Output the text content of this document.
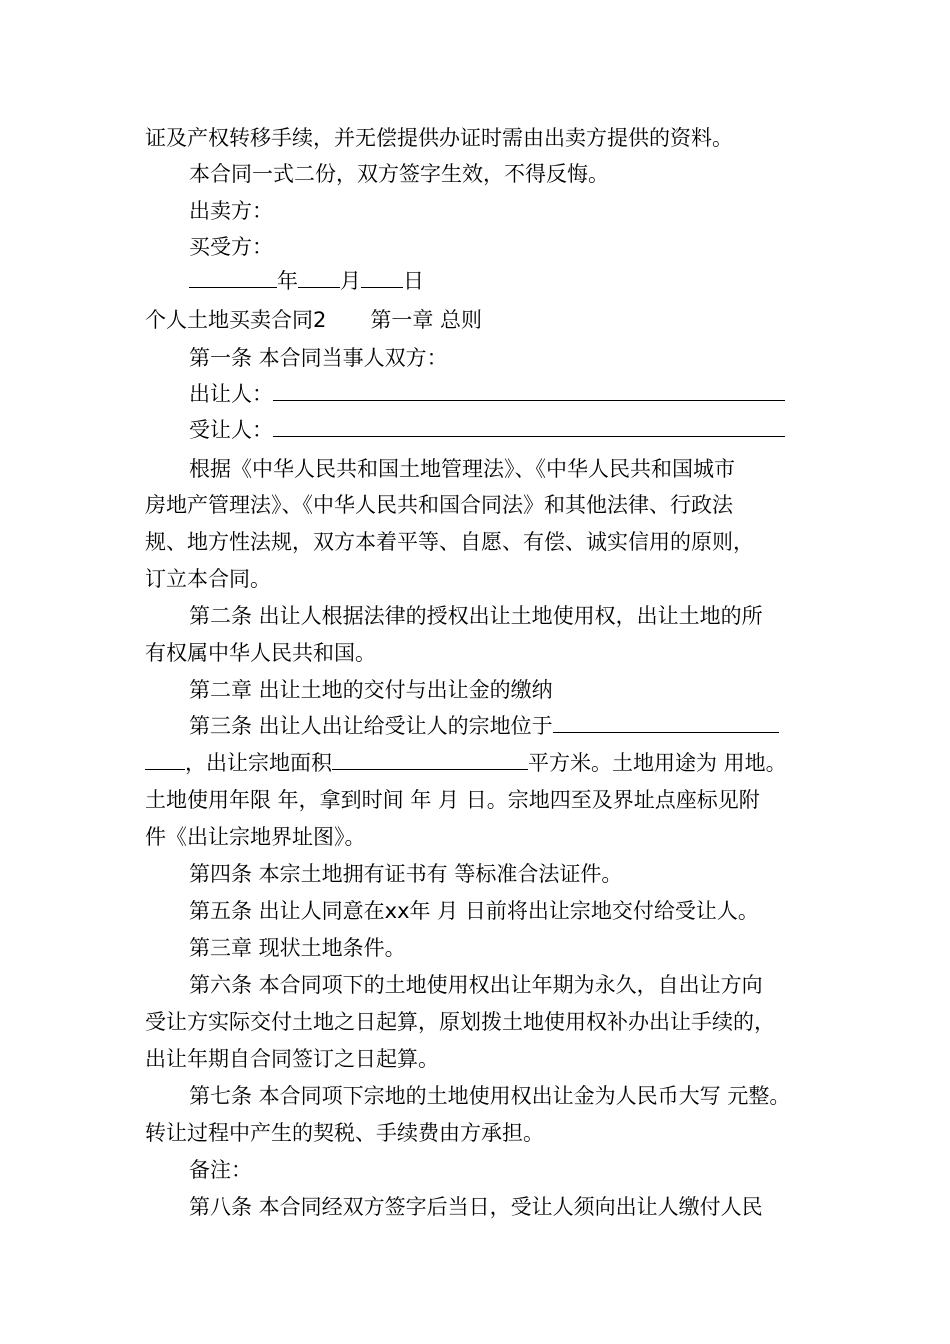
证及产权转移手续，并无偿提供办证时需由出卖方提供的资料。
本合同一式二份，双方签字生效，不得反悔。
出卖方：
买受方：
年 月 日
个人土地买卖合同2 第一章 总则
第一条 本合同当事人双方：
出让人：
受让人：
根据《中华人民共和国土地管理法》、《中华人民共和国城市
房地产管理法》、《中华人民共和国合同法》和其他法律、行政法
规、地方性法规，双方本着平等、自愿、有偿、诚实信用的原则，
订立本合同。
第二条 出让人根据法律的授权出让土地使用权，出让土地的所
有权属中华人民共和国。
第二章 出让土地的交付与出让金的缴纳
第三条 出让人出让给受让人的宗地位于
，出让宗地面积	平方米。土地用途为 用地。
土地使用年限 年，拿到时间 年 月 日。宗地四至及界址点座标见附
件《出让宗地界址图》。
第四条 本宗土地拥有证书有 等标准合法证件。
第五条 出让人同意在xx年 月 日前将出让宗地交付给受让人。
第三章 现状土地条件。
第六条 本合同项下的土地使用权出让年期为永久，自出让方向
受让方实际交付土地之日起算，原划拨土地使用权补办出让手续的，
出让年期自合同签订之日起算。
第七条 本合同项下宗地的土地使用权出让金为人民币大写 元整。
转让过程中产生的契税、手续费由方承担。
备注：
第八条 本合同经双方签字后当日，受让人须向出让人缴付人民
